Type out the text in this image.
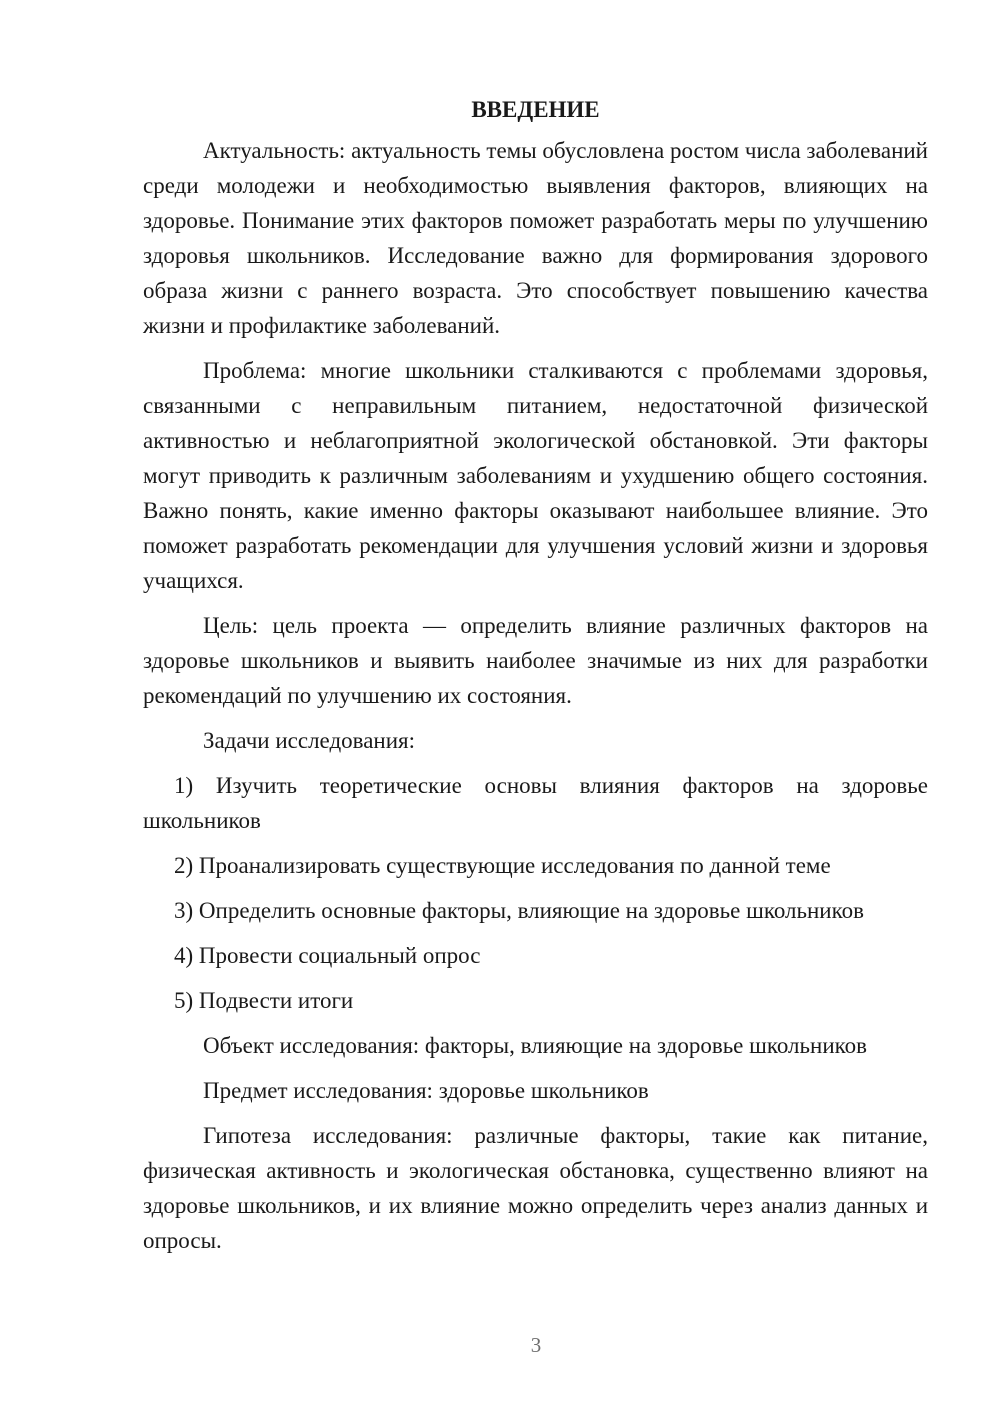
ВВЕДЕНИЕ

Актуальность: актуальность темы обусловлена ростом числа заболеваний среди молодежи и необходимостью выявления факторов, влияющих на здоровье. Понимание этих факторов поможет разработать меры по улучшению здоровья школьников. Исследование важно для формирования здорового образа жизни с раннего возраста. Это способствует повышению качества жизни и профилактике заболеваний.

Проблема: многие школьники сталкиваются с проблемами здоровья, связанными с неправильным питанием, недостаточной физической активностью и неблагоприятной экологической обстановкой. Эти факторы могут приводить к различным заболеваниям и ухудшению общего состояния. Важно понять, какие именно факторы оказывают наибольшее влияние. Это поможет разработать рекомендации для улучшения условий жизни и здоровья учащихся.

Цель: цель проекта — определить влияние различных факторов на здоровье школьников и выявить наиболее значимые из них для разработки рекомендаций по улучшению их состояния.

Задачи исследования:

1) Изучить теоретические основы влияния факторов на здоровье школьников

2) Проанализировать существующие исследования по данной теме

3) Определить основные факторы, влияющие на здоровье школьников

4) Провести социальный опрос

5) Подвести итоги

Объект исследования: факторы, влияющие на здоровье школьников

Предмет исследования: здоровье школьников

Гипотеза исследования: различные факторы, такие как питание, физическая активность и экологическая обстановка, существенно влияют на здоровье школьников, и их влияние можно определить через анализ данных и опросы.

3
